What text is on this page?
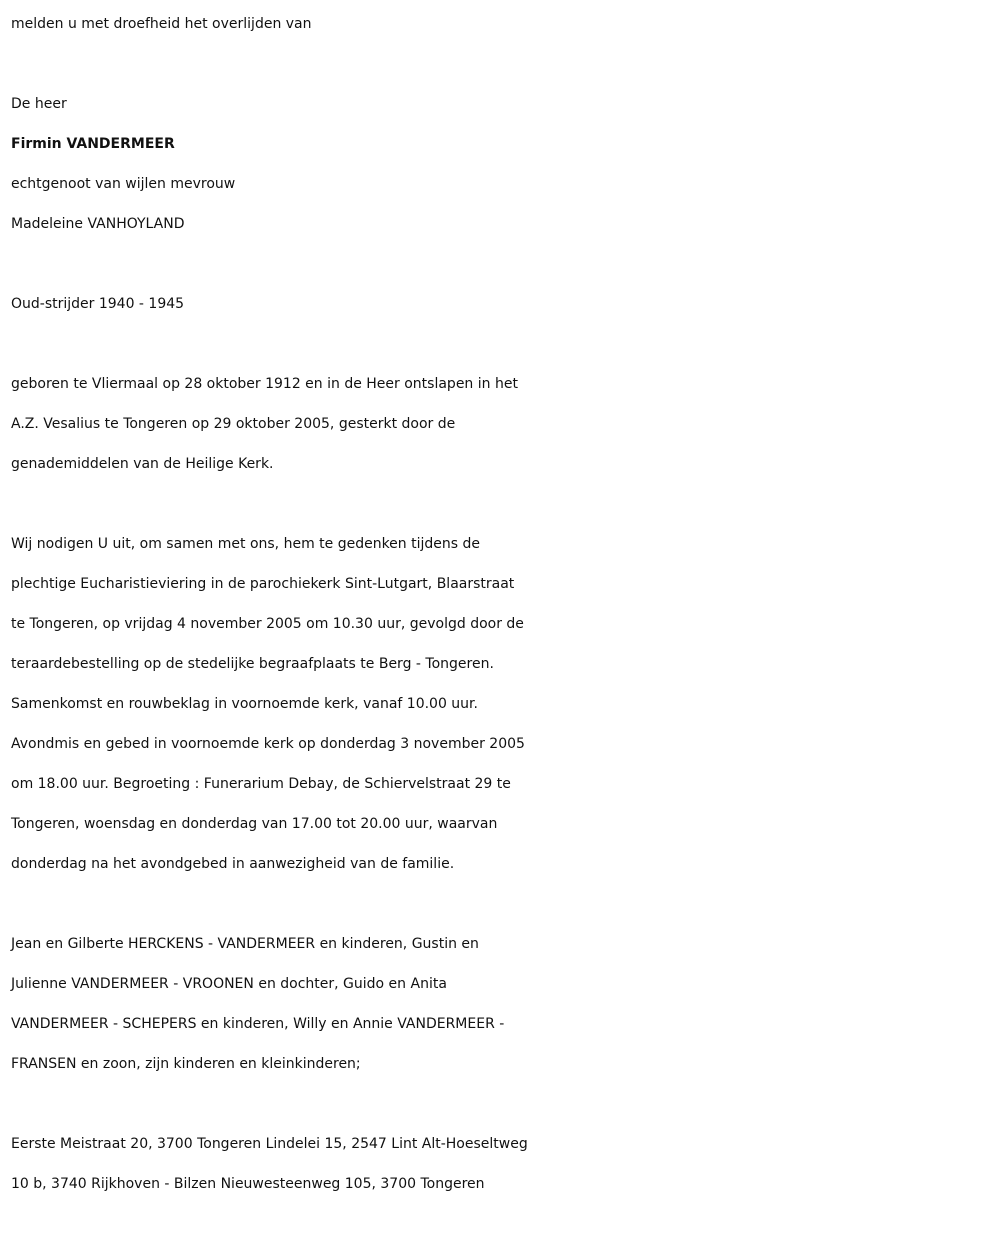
melden u met droefheid het overlijden van

De heer

Firmin VANDERMEER

echtgenoot van wijlen mevrouw

Madeleine VANHOYLAND

Oud-strijder 1940 - 1945

geboren te Vliermaal op 28 oktober 1912 en in de Heer ontslapen in het

A.Z. Vesalius te Tongeren op 29 oktober 2005, gesterkt door de

genademiddelen van de Heilige Kerk.

Wij nodigen U uit, om samen met ons, hem te gedenken tijdens de

plechtige Eucharistieviering in de parochiekerk Sint-Lutgart, Blaarstraat

te Tongeren, op vrijdag 4 november 2005 om 10.30 uur, gevolgd door de

teraardebestelling op de stedelijke begraafplaats te Berg - Tongeren.

Samenkomst en rouwbeklag in voornoemde kerk, vanaf 10.00 uur.

Avondmis en gebed in voornoemde kerk op donderdag 3 november 2005

om 18.00 uur. Begroeting : Funerarium Debay, de Schiervelstraat 29 te

Tongeren, woensdag en donderdag van 17.00 tot 20.00 uur, waarvan

donderdag na het avondgebed in aanwezigheid van de familie.

Jean en Gilberte HERCKENS - VANDERMEER en kinderen, Gustin en

Julienne VANDERMEER - VROONEN en dochter, Guido en Anita

VANDERMEER - SCHEPERS en kinderen, Willy en Annie VANDERMEER -

FRANSEN en zoon, zijn kinderen en kleinkinderen;

Eerste Meistraat 20, 3700 Tongeren Lindelei 15, 2547 Lint Alt-Hoeseltweg

10 b, 3740 Rijkhoven - Bilzen Nieuwesteenweg 105, 3700 Tongeren
